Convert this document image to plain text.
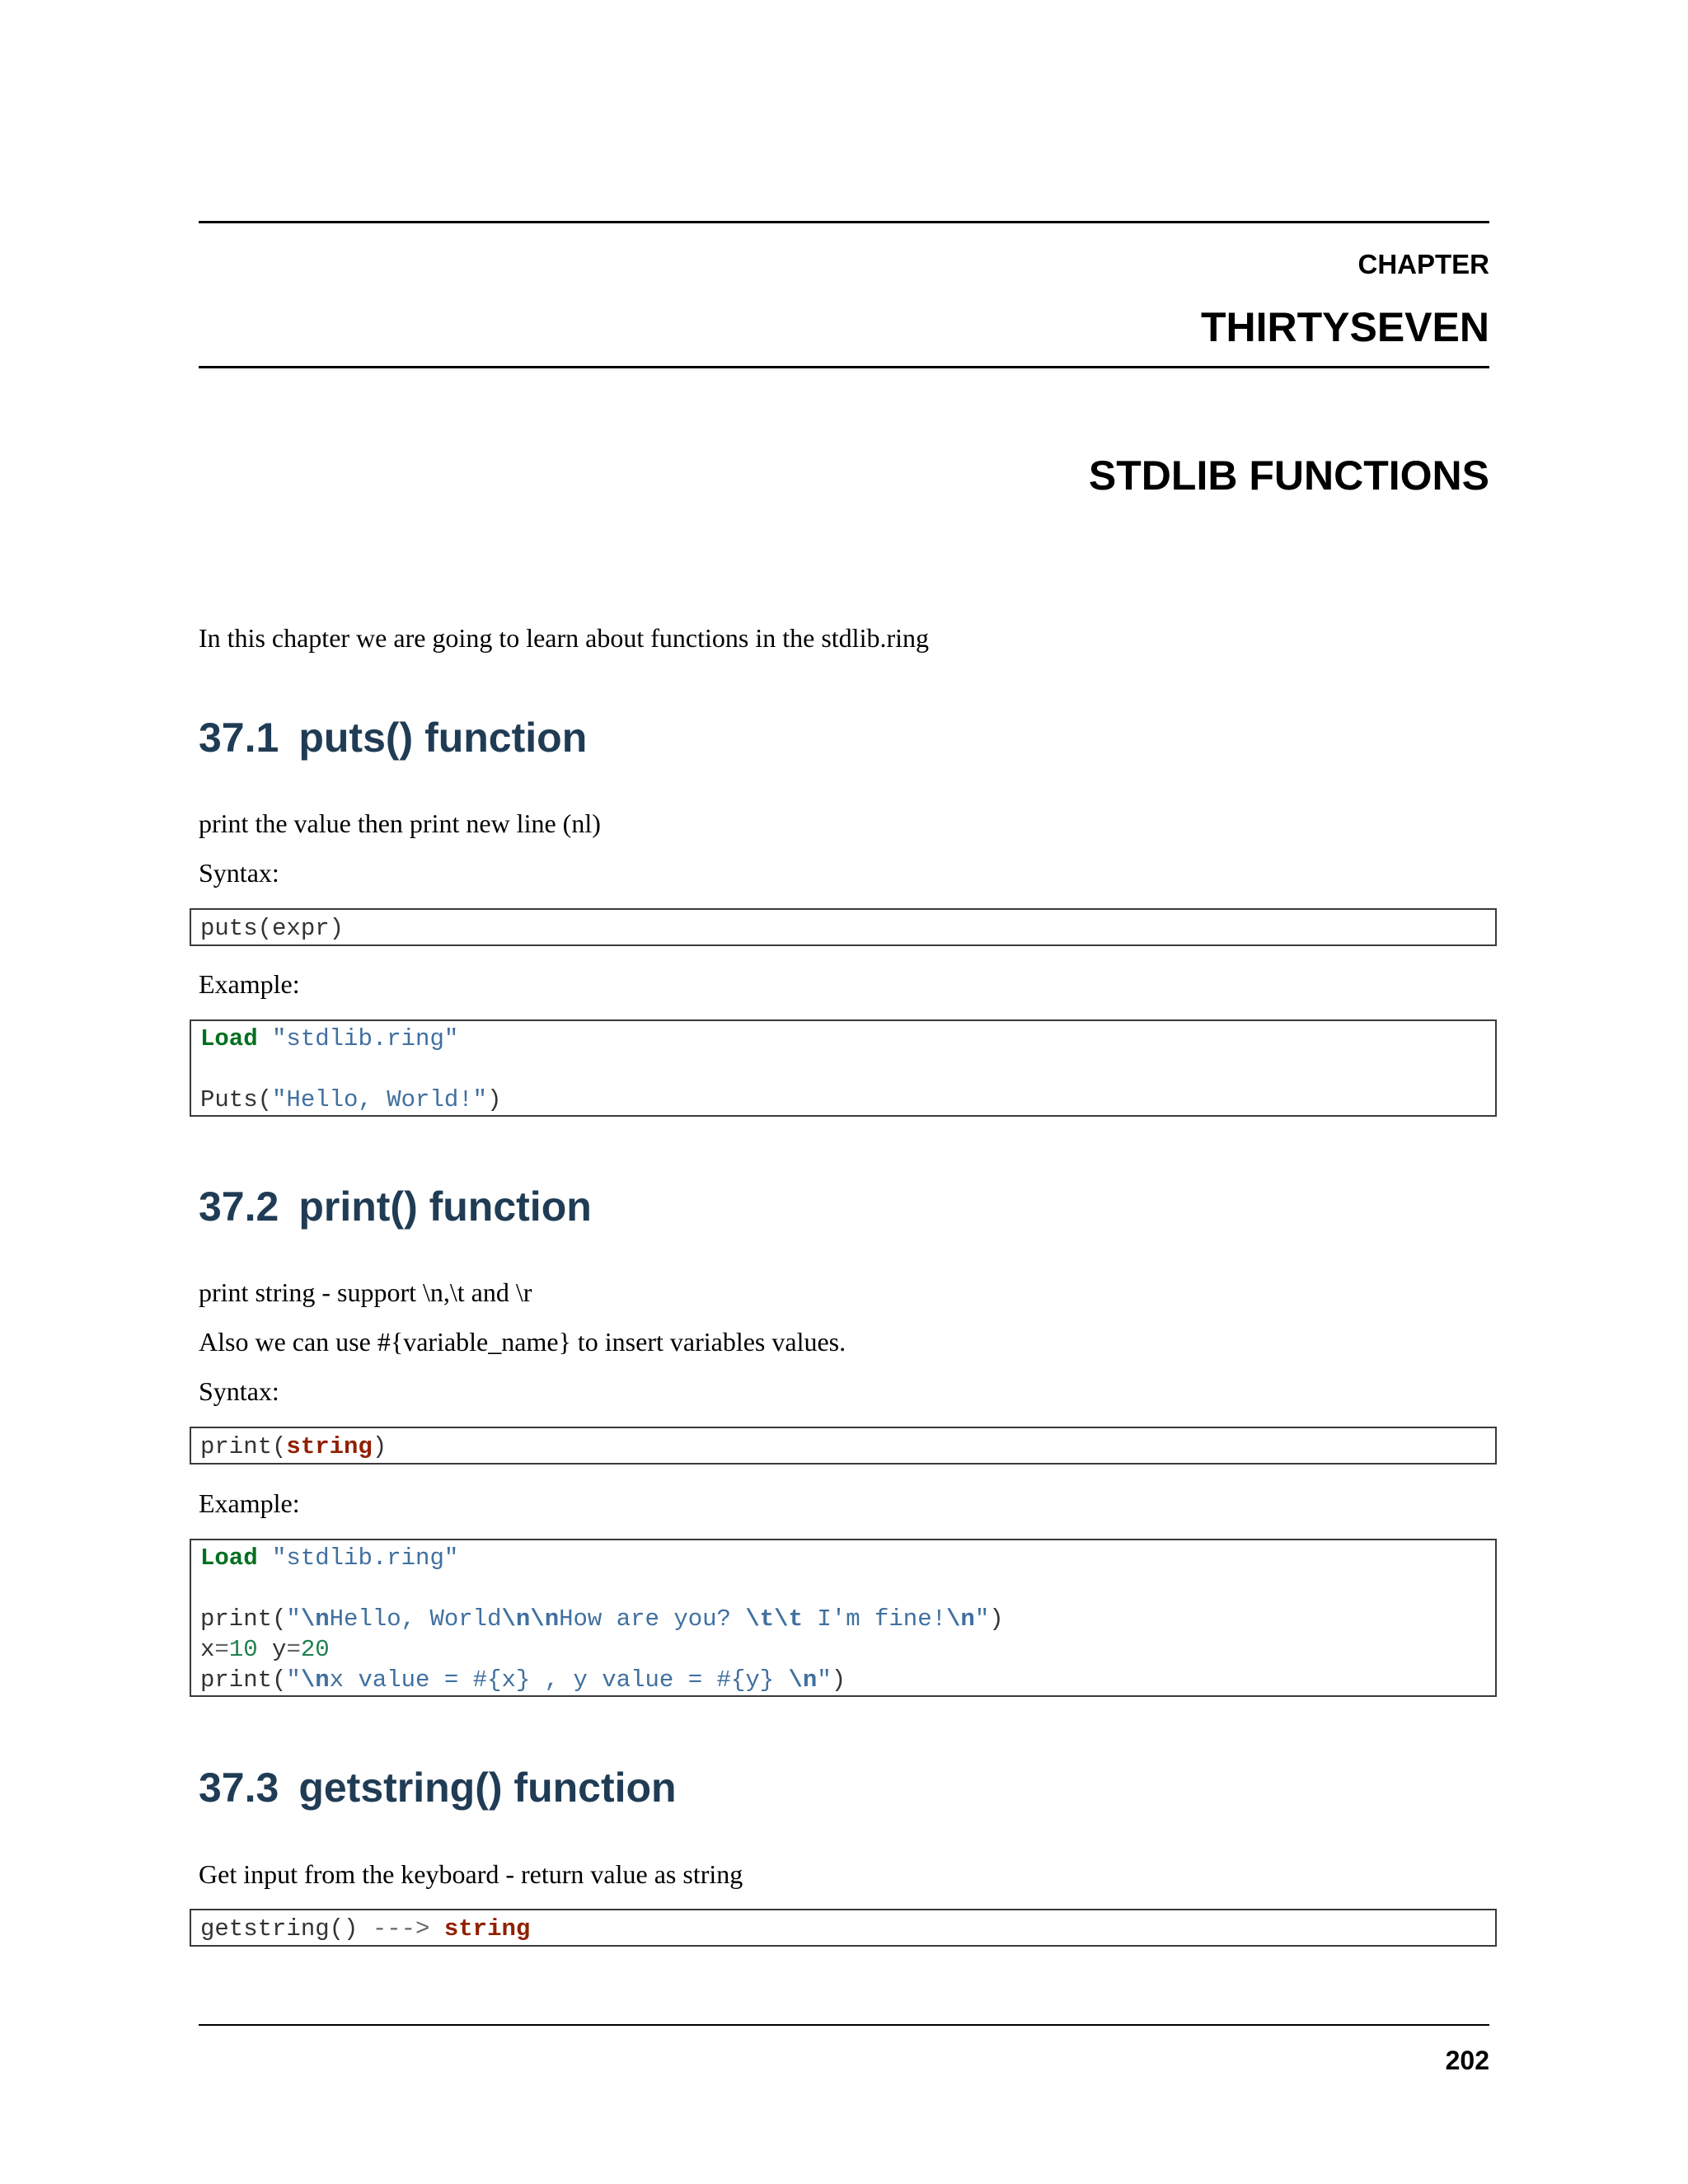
CHAPTER
THIRTYSEVEN
STDLIB FUNCTIONS
In this chapter we are going to learn about functions in the stdlib.ring
37.1 puts() function
print the value then print new line (nl)
Syntax:
puts(expr)
Example:
Load "stdlib.ring"
Puts("Hello, World!")
37.2 print() function
print string - support \n,\t and \r
Also we can use #{variable_name} to insert variables values.
Syntax:
print(string)
Example:
Load "stdlib.ring"
print("\nHello, World\n\nHow are you? \t\t I'm fine!\n")
x=10 y=20
print("\nx value = #{x} , y value = #{y} \n")
37.3 getstring() function
Get input from the keyboard - return value as string
getstring() ---> string
202
